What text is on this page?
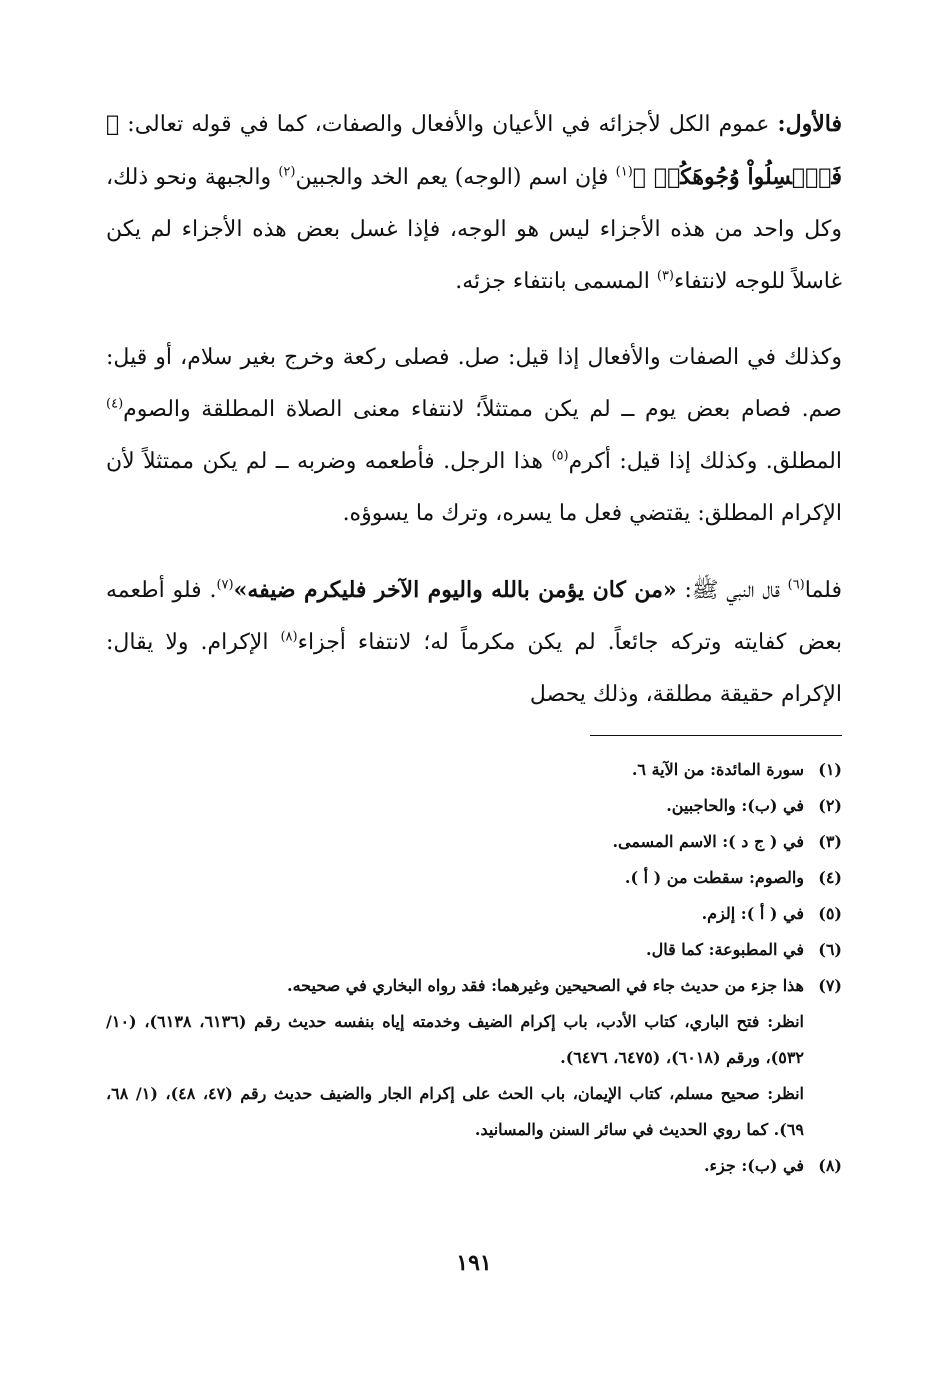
فالأول: عموم الكل لأجزائه في الأعيان والأفعال والصفات، كما في قوله تعالى: ﴿ فَٱغۡسِلُواْ وُجُوهَكُمۡ ﴾$^{(١)}$ فإن اسم (الوجه) يعم الخد والجبين$^{(٢)}$ والجبهة ونحو ذلك، وكل واحد من هذه الأجزاء ليس هو الوجه، فإذا غسل بعض هذه الأجزاء لم يكن غاسلاً للوجه لانتفاء$^{(٣)}$ المسمى بانتفاء جزئه.

وكذلك في الصفات والأفعال إذا قيل: صل. فصلى ركعة وخرج بغير سلام، أو قيل: صم. فصام بعض يوم ــ لم يكن ممتثلاً؛ لانتفاء معنى الصلاة المطلقة والصوم$^{(٤)}$ المطلق. وكذلك إذا قيل: أكرم$^{(٥)}$ هذا الرجل. فأطعمه وضربه ــ لم يكن ممتثلاً لأن الإكرام المطلق: يقتضي فعل ما يسره، وترك ما يسوؤه.

فلما$^{(٦)}$ قال النبي ﷺ: «من كان يؤمن بالله واليوم الآخر فليكرم ضيفه»$^{(٧)}$. فلو أطعمه بعض كفايته وتركه جائعاً. لم يكن مكرماً له؛ لانتفاء أجزاء$^{(٨)}$ الإكرام. ولا يقال: الإكرام حقيقة مطلقة، وذلك يحصل

(١)

سورة المائدة: من الآية ٦.

(٢)

في (ب): والحاجبين.

(٣)

في ( ج د ): الاسم المسمى.

(٤)

والصوم: سقطت من ( أ ).

(٥)

في ( أ ): إلزم.

(٦)

في المطبوعة: كما قال.

(٧)

هذا جزء من حديث جاء في الصحيحين وغيرهما: فقد رواه البخاري في صحيحه.

انظر: فتح الباري، كتاب الأدب، باب إكرام الضيف وخدمته إياه بنفسه حديث رقم (٦١٣٦، ٦١٣٨)، (١٠/ ٥٣٢)، ورقم (٦٠١٨)، (٦٤٧٥، ٦٤٧٦).

انظر: صحيح مسلم، كتاب الإيمان، باب الحث على إكرام الجار والضيف حديث رقم (٤٧، ٤٨)، (١/ ٦٨، ٦٩). كما روي الحديث في سائر السنن والمسانيد.

(٨)

في (ب): جزء.

١٩١
